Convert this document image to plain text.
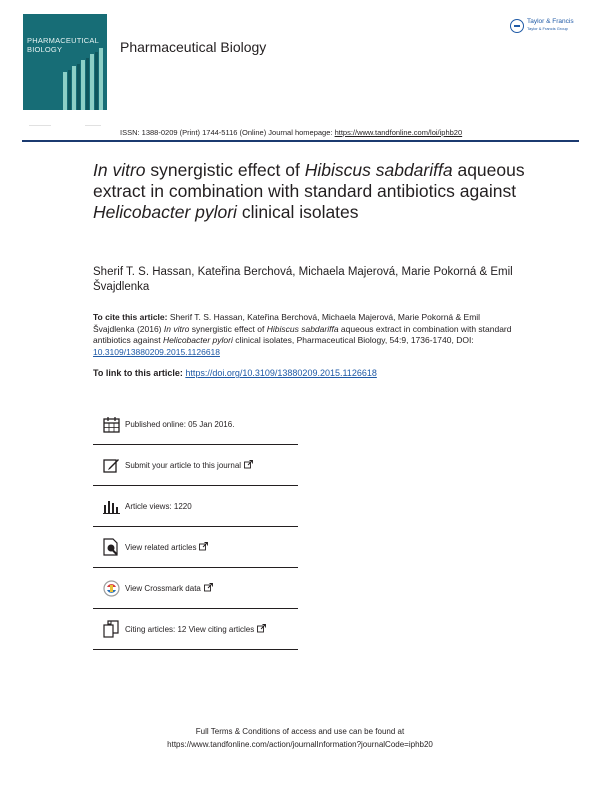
PHARMACEUTICAL
BIOLOGY	Pharmaceutical Biology
Taylor & Francis
Taylor & Francis Group
ISSN: 1388-0209 (Print) 1744-5116 (Online) Journal homepage: https://www.tandfonline.com/loi/iphb20
In vitro synergistic effect of Hibiscus sabdariffa aqueous extract in combination with standard antibiotics against Helicobacter pylori clinical isolates
Sherif T. S. Hassan, Kateřina Berchová, Michaela Majerová, Marie Pokorná & Emil Švajdlenka
To cite this article: Sherif T. S. Hassan, Kateřina Berchová, Michaela Majerová, Marie Pokorná & Emil Švajdlenka (2016) In vitro synergistic effect of Hibiscus sabdariffa aqueous extract in combination with standard antibiotics against Helicobacter pylori clinical isolates, Pharmaceutical Biology, 54:9, 1736-1740, DOI: 10.3109/13880209.2015.1126618
To link to this article: https://doi.org/10.3109/13880209.2015.1126618
Published online: 05 Jan 2016.
Submit your article to this journal
Article views: 1220
View related articles
View Crossmark data
Citing articles: 12 View citing articles
Full Terms & Conditions of access and use can be found at
https://www.tandfonline.com/action/journalInformation?journalCode=iphb20
